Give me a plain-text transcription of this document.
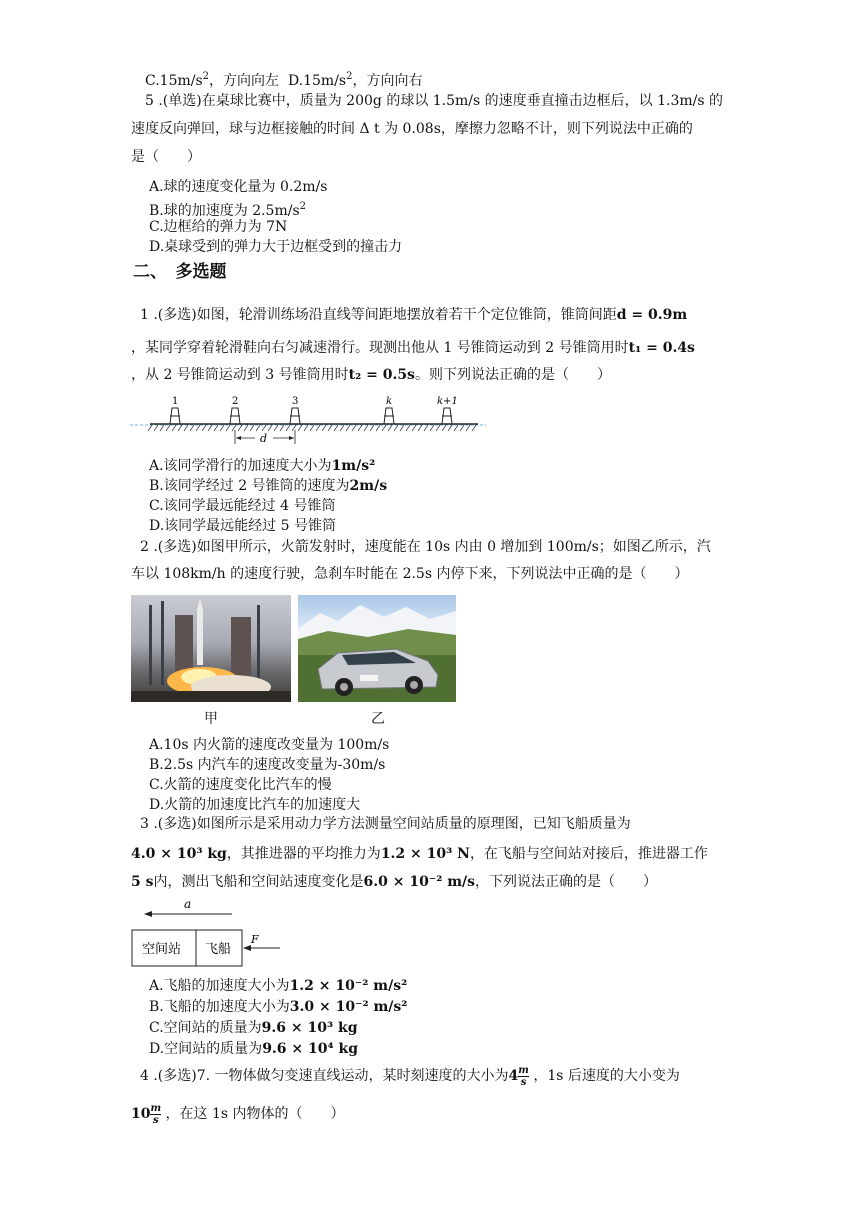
$C.15m/s^2$，方向向左 $D.15m/s^2$，方向向右
5 .(单选)在桌球比赛中，质量为 200g 的球以 1.5m/s 的速度垂直撞击边框后，以 1.3m/s 的
速度反向弹回，球与边框接触的时间 Δ t 为 0.08s，摩擦力忽略不计，则下列说法中正确的
是（　　）
A.球的速度变化量为 0.2m/s
B.球的加速度为 $2.5m/s^2$
C.边框给的弹力为 7N
D.桌球受到的弹力大于边框受到的撞击力
二、　多选题
1 .(多选)如图，轮滑训练场沿直线等间距地摆放着若干个定位锥筒，锥筒间距d = 0.9m
，某同学穿着轮滑鞋向右匀减速滑行。现测出他从 1 号锥筒运动到 2 号锥筒用时t₁ = 0.4s
，从 2 号锥筒运动到 3 号锥筒用时t₂ = 0.5s。则下列说法正确的是（　　）
1	2	3	k	k+1
d
A.该同学滑行的加速度大小为1m/s²
B.该同学经过 2 号锥筒的速度为2m/s
C.该同学最远能经过 4 号锥筒
D.该同学最远能经过 5 号锥筒
2 .(多选)如图甲所示，火箭发射时，速度能在 10s 内由 0 增加到 100m/s；如图乙所示，汽
车以 108km/h 的速度行驶，急刹车时能在 2.5s 内停下来，下列说法中正确的是（　　）
甲	乙
A.10s 内火箭的速度改变量为 100m/s
B.2.5s 内汽车的速度改变量为-30m/s
C.火箭的速度变化比汽车的慢
D.火箭的加速度比汽车的加速度大
3 .(多选)如图所示是采用动力学方法测量空间站质量的原理图，已知飞船质量为
4.0 × 10³ kg，其推进器的平均推力为1.2 × 10³ N，在飞船与空间站对接后，推进器工作
5 s内，测出飞船和空间站速度变化是6.0 × 10⁻² m/s，下列说法正确的是（　　）
a
空间站 飞船
F
A.飞船的加速度大小为1.2 × 10⁻² m/s²
B.飞船的加速度大小为3.0 × 10⁻² m/s²
C.空间站的质量为9.6 × 10³ kg
D.空间站的质量为9.6 × 10⁴ kg
4 .(多选)7. 一物体做匀变速直线运动，某时刻速度的大小为$4 \frac{m}{s}$ ，1s 后速度的大小变为
$10 \frac{m}{s}$ ，在这 1s 内物体的（　　）
